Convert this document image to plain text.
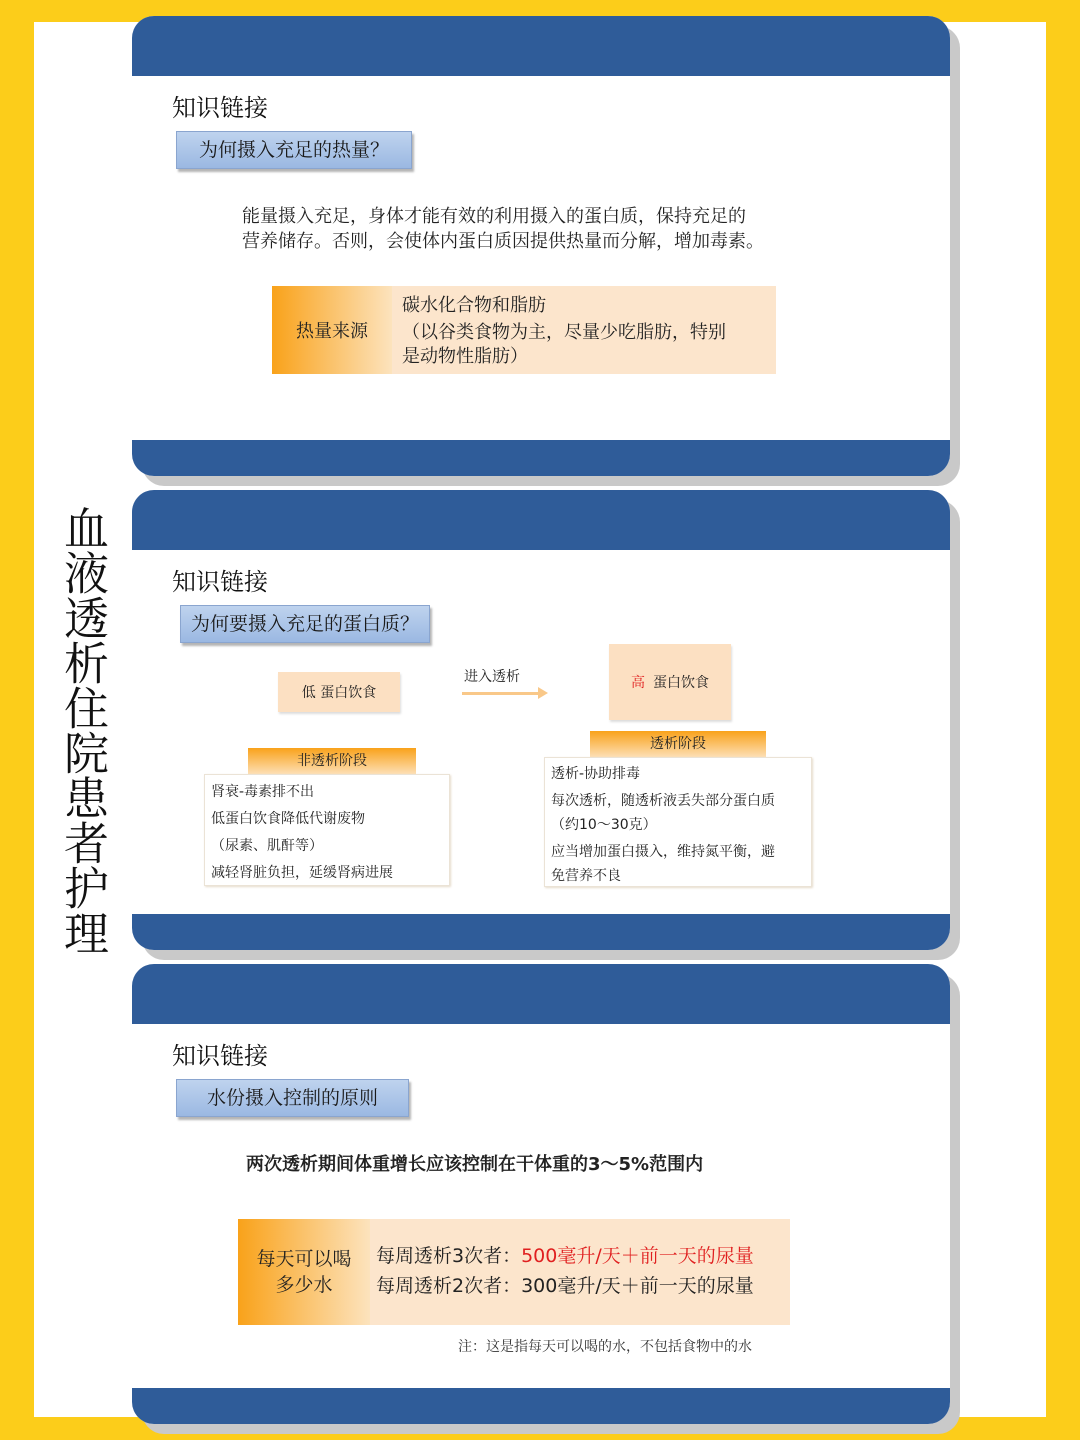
血液透析住院患者护理
知识链接
为何摄入充足的热量？
能量摄入充足，身体才能有效的利用摄入的蛋白质，保持充足的
营养储存。否则，会使体内蛋白质因提供热量而分解，增加毒素。
热量来源
碳水化合物和脂肪
（以谷类食物为主，尽量少吃脂肪，特别
是动物性脂肪）
知识链接
为何要摄入充足的蛋白质？
低 蛋白饮食
进入透析	高 蛋白饮食
非透析阶段
肾衰-毒素排不出
低蛋白饮食降低代谢废物
（尿素、肌酐等）
减轻肾脏负担，延缓肾病进展
透析阶段
透析-协助排毒
每次透析，随透析液丢失部分蛋白质
（约10～30克）
应当增加蛋白摄入，维持氮平衡，避
免营养不良
知识链接
水份摄入控制的原则
两次透析期间体重增长应该控制在干体重的3～5%范围内
每天可以喝
多少水
每周透析3次者：500毫升/天＋前一天的尿量
每周透析2次者：300毫升/天＋前一天的尿量
注：这是指每天可以喝的水，不包括食物中的水
